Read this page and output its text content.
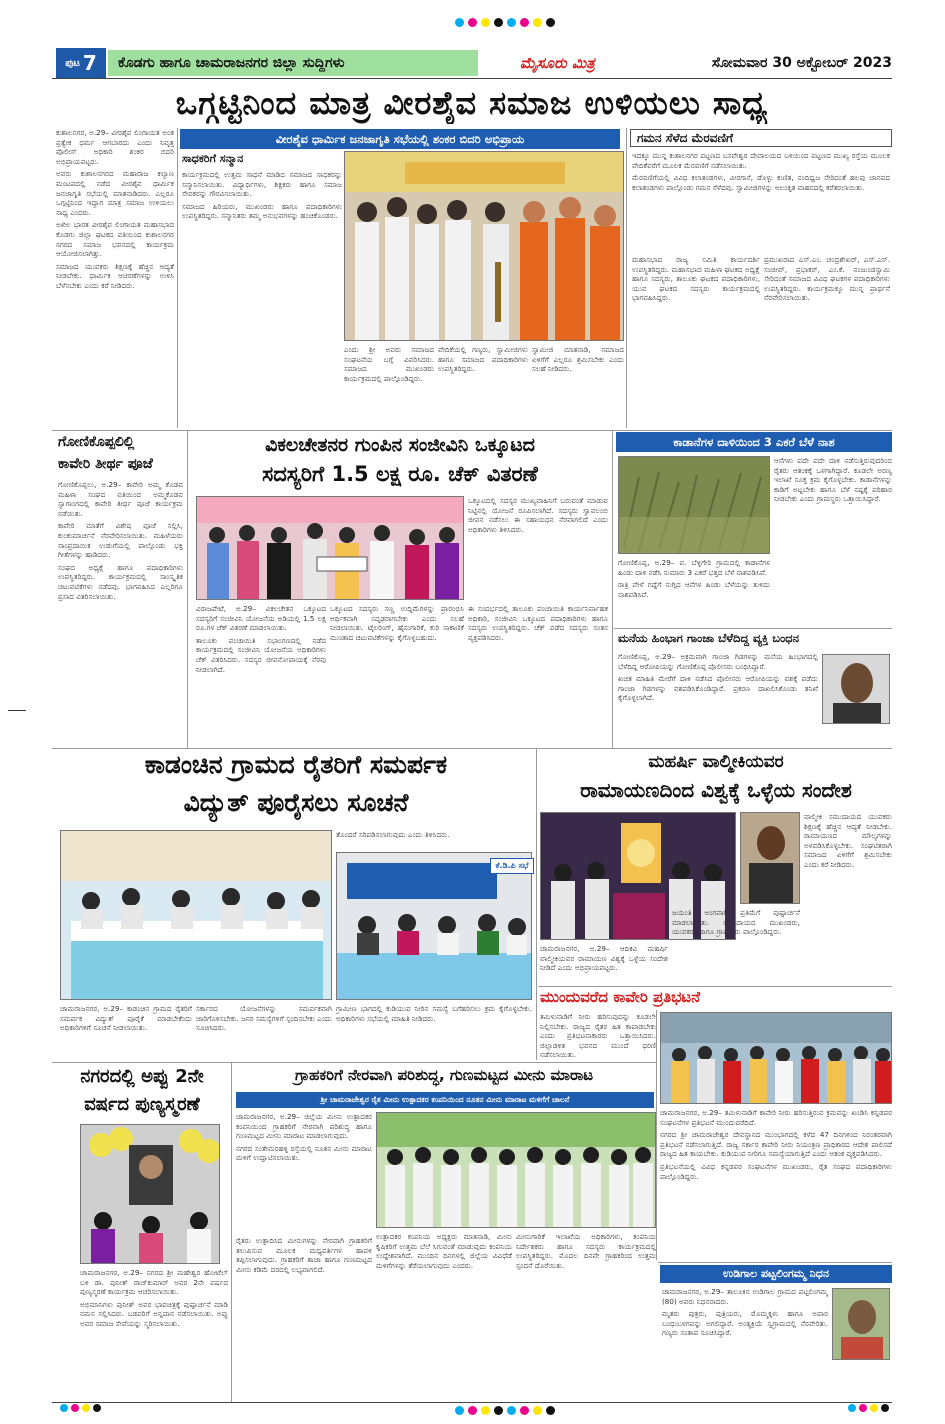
ಪುಟ 7	ಕೊಡಗು ಹಾಗೂ ಚಾಮರಾಜನಗರ ಜಿಲ್ಲಾ ಸುದ್ದಿಗಳು	ಮೈಸೂರು ಮಿತ್ರ	ಸೋಮವಾರ 30 ಅಕ್ಟೋಬರ್ 2023
ಒಗ್ಗಟ್ಟಿನಿಂದ ಮಾತ್ರ ವೀರಶೈವ ಸಮಾಜ ಉಳಿಯಲು ಸಾಧ್ಯ

ಕುಶಾಲನಗರ, ಅ.29– ವೀರಶೈವ ಲಿಂಗಾಯತ ಅಂತ ಪ್ರತ್ಯೇಕ ಧರ್ಮ ಆಗಬಾರದು ಎಂದು ನಿವೃತ್ತ ಪೊಲೀಸ್ ಅಧಿಕಾರಿ ಶಂಕರ ಬಿದರಿ ಅಭಿಪ್ರಾಯಪಟ್ಟರು.

ಅವರು ಕುಶಾಲನಗರದ ಮಹಾರಾಜ ಕಲ್ಯಾಣ ಮಂಟಪದಲ್ಲಿ ನಡೆದ ವೀರಶೈವ ಧಾರ್ಮಿಕ ಜನಜಾಗೃತಿ ಸಭೆಯಲ್ಲಿ ಮಾತನಾಡಿದರು. ಎಲ್ಲರೂ ಒಗ್ಗಟ್ಟಿನಿಂದ ಇದ್ದಾಗ ಮಾತ್ರ ಸಮಾಜ ಉಳಿಯಲು ಸಾಧ್ಯ ಎಂದರು.

ಅಖಿಲ ಭಾರತ ವೀರಶೈವ ಲಿಂಗಾಯತ ಮಹಾಸಭಾದ ಕೊಡಗು ಜಿಲ್ಲಾ ಘಟಕದ ವತಿಯಿಂದ ಕುಶಾಲನಗರ ನಗರದ ಸಮಾಜ ಭವನದಲ್ಲಿ ಕಾರ್ಯಕ್ರಮ ಆಯೋಜಿಸಲಾಗಿತ್ತು.

ಸಮಾಜದ ಯುವಕರು ಶಿಕ್ಷಣಕ್ಕೆ ಹೆಚ್ಚಿನ ಆದ್ಯತೆ ನೀಡಬೇಕು. ಧಾರ್ಮಿಕ ಆಚರಣೆಗಳನ್ನು ಉಳಿಸಿ ಬೆಳೆಸಬೇಕು ಎಂದು ಕರೆ ನೀಡಿದರು.

ವೀರಶೈವ ಧಾರ್ಮಿಕ ಜನಜಾಗೃತಿ ಸಭೆಯಲ್ಲಿ ಶಂಕರ ಬಿದರಿ ಅಭಿಪ್ರಾಯ
ಸಾಧಕರಿಗೆ ಸನ್ಮಾನ

ಕಾರ್ಯಕ್ರಮದಲ್ಲಿ ಉತ್ತಮ ಸಾಧನೆ ಮಾಡಿದ ಸಮಾಜದ ಸಾಧಕರನ್ನು ಸನ್ಮಾನಿಸಲಾಯಿತು. ವಿದ್ಯಾರ್ಥಿಗಳು, ಶಿಕ್ಷಕರು ಹಾಗೂ ಸಮಾಜ ಸೇವಕರನ್ನು ಗೌರವಿಸಲಾಯಿತು.

ಸಮಾಜದ ಹಿರಿಯರು, ಮುಖಂಡರು ಹಾಗೂ ಪದಾಧಿಕಾರಿಗಳು ಉಪಸ್ಥಿತರಿದ್ದರು. ಸನ್ಮಾನಿತರು ತಮ್ಮ ಅನುಭವಗಳನ್ನು ಹಂಚಿಕೊಂಡರು.

ಗಮನ ಸೆಳೆದ ಮೆರವಣಿಗೆ

ಇದಕ್ಕೂ ಮುನ್ನ ಕುಶಾಲನಗರ ಪಟ್ಟಣದ ಬಸವೇಶ್ವರ ದೇವಾಲಯದ ಬಳಿಯಿಂದ ಪಟ್ಟಣದ ಮುಖ್ಯ ರಸ್ತೆಯ ಮೂಲಕ ವೇದಿಕೆವರೆಗೆ ಮೂಲಕ ಮೆರವಣಿಗೆ ನಡೆಸಲಾಯಿತು.

ಮೆರವಣಿಗೆಯಲ್ಲಿ ವಿವಿಧ ಕಲಾತಂಡಗಳು, ವೀರಗಾಸೆ, ಡೊಳ್ಳು ಕುಣಿತ, ನಂದಿಧ್ವಜ ಸೇರಿದಂತೆ ಹಲವು ಜಾನಪದ ಕಲಾತಂಡಗಳು ಪಾಲ್ಗೊಂಡು ಗಮನ ಸೆಳೆದವು. ಸ್ವಾಮೀಜಿಗಳನ್ನು ಅಲಂಕೃತ ವಾಹನದಲ್ಲಿ ಕರೆತರಲಾಯಿತು.

ಎಂದು ಶ್ರೀ ಅವರು ಸಮಾಜದ ಸಂಘಟನೆಯ ಬಗ್ಗೆ ವಿವರಿಸಿದರು. ಸಮಾಜದ ಮುಖಂಡರು ಕಾರ್ಯಕ್ರಮದಲ್ಲಿ ಪಾಲ್ಗೊಂಡಿದ್ದರು.

ವೇದಿಕೆಯಲ್ಲಿ ಗಣ್ಯರು, ಸ್ವಾಮೀಜಿಗಳು ಹಾಗೂ ಸಮಾಜದ ಪದಾಧಿಕಾರಿಗಳು ಉಪಸ್ಥಿತರಿದ್ದರು.

ಸ್ವಾಮೀಜಿ ಮಾತನಾಡಿ, ಸಮಾಜದ ಏಳಿಗೆಗೆ ಎಲ್ಲರೂ ಶ್ರಮಿಸಬೇಕು ಎಂದು ಸಲಹೆ ನೀಡಿದರು.

ಮಹಾಸಭಾದ ರಾಜ್ಯ ಸಮಿತಿ ಕಾರ್ಯದರ್ಶಿ ಉಪಸ್ಥಿತರಿದ್ದರು. ಮಹಾಸಭಾದ ಮಹಿಳಾ ಘಟಕದ ಅಧ್ಯಕ್ಷೆ ಹಾಗೂ ಸದಸ್ಯರು, ತಾಲೂಕು ಘಟಕದ ಪದಾಧಿಕಾರಿಗಳು, ಯುವ ಘಟಕದ ಸದಸ್ಯರು ಕಾರ್ಯಕ್ರಮದಲ್ಲಿ ಭಾಗವಹಿಸಿದ್ದರು.

ಪ್ರಮುಖರಾದ ಎಸ್.ಎಂ. ಚಂದ್ರಶೇಖರ್, ಎಸ್.ಎಸ್. ಸಂಜೀವ್, ಪ್ರಭಾಕರ್, ಎಂ.ಕೆ. ನಂಜುಂಡಸ್ವಾಮಿ ಸೇರಿದಂತೆ ಸಮಾಜದ ವಿವಿಧ ಘಟಕಗಳ ಪದಾಧಿಕಾರಿಗಳು ಉಪಸ್ಥಿತರಿದ್ದರು. ಕಾರ್ಯಕ್ರಮಕ್ಕೂ ಮುನ್ನ ಪ್ರಾರ್ಥನೆ ನೆರವೇರಿಸಲಾಯಿತು.

ಗೋಣಿಕೊಪ್ಪಲಿಲ್ಲಿ
ಕಾವೇರಿ ತೀರ್ಥ ಪೂಜೆ

ಗೋಣಿಕೊಪ್ಪಲು, ಅ.29– ಕಾವೇರಿ ಅಮ್ಮ ಕೊಡವ ಮಹಿಳಾ ಸಂಘದ ವತಿಯಿಂದ ಅಮ್ಮಕೊಡವ ಸ್ವಾಗಾಂಗದಲ್ಲಿ ಕಾವೇರಿ ತೀರ್ಥ ಪೂಜೆ ಕಾರ್ಯಕ್ರಮ ನಡೆಯಿತು.

ಕಾವೇರಿ ಮಾತೆಗೆ ವಿಶೇಷ ಪೂಜೆ ಸಲ್ಲಿಸಿ, ಕುಂಕುಮಾರ್ಚನೆ ನೆರವೇರಿಸಲಾಯಿತು. ಮಹಿಳೆಯರು ಸಾಂಪ್ರದಾಯಿಕ ಉಡುಗೆಯಲ್ಲಿ ಪಾಲ್ಗೊಂಡು ಭಕ್ತಿ ಗೀತೆಗಳನ್ನು ಹಾಡಿದರು.

ಸಂಘದ ಅಧ್ಯಕ್ಷೆ ಹಾಗೂ ಪದಾಧಿಕಾರಿಗಳು ಉಪಸ್ಥಿತರಿದ್ದರು. ಕಾರ್ಯಕ್ರಮದಲ್ಲಿ ಸಾಂಸ್ಕೃತಿಕ ಚಟುವಟಿಕೆಗಳು ನಡೆದವು. ಭಾಗವಹಿಸಿದ ಎಲ್ಲರಿಗೂ ಪ್ರಸಾದ ವಿತರಿಸಲಾಯಿತು.

ವಿಕಲಚೇತನರ ಗುಂಪಿನ ಸಂಜೀವಿನಿ ಒಕ್ಕೂಟದ
ಸದಸ್ಯರಿಗೆ 1.5 ಲಕ್ಷ ರೂ. ಚೆಕ್ ವಿತರಣೆ

ಒಕ್ಕೂಟದಲ್ಲಿ ಸದಸ್ಯರ ಮುಖ್ಯವಾಹಿನಿಗೆ ಬರುವಂತೆ ಮಾಡುವ ನಿಟ್ಟಿನಲ್ಲಿ ಯೋಜನೆ ರೂಪಿಸಲಾಗಿದೆ. ಸದಸ್ಯರು ಸ್ವಾವಲಂಬಿ ಜೀವನ ನಡೆಸಲು ಈ ಸಹಾಯಧನ ನೆರವಾಗಲಿದೆ ಎಂದು ಅಧಿಕಾರಿಗಳು ತಿಳಿಸಿದರು.

ವಿರಾಜಪೇಟೆ, ಅ.29– ವಿಕಲಚೇತನ ಒಕ್ಕೂಟದ ಸದಸ್ಯರಿಗೆ ಸಂಜೀವಿನಿ ಯೋಜನೆಯ ಅಡಿಯಲ್ಲಿ 1.5 ಲಕ್ಷ ರೂ.ಗಳ ಚೆಕ್ ವಿತರಣೆ ಮಾಡಲಾಯಿತು.

ತಾಲೂಕು ಪಂಚಾಯಿತಿ ಸಭಾಂಗಣದಲ್ಲಿ ನಡೆದ ಕಾರ್ಯಕ್ರಮದಲ್ಲಿ ಸಂಜೀವಿನಿ ಯೋಜನೆಯ ಅಧಿಕಾರಿಗಳು ಚೆಕ್ ವಿತರಿಸಿದರು. ಸದಸ್ಯರ ಜೀವನೋಪಾಯಕ್ಕೆ ನೆರವು ನೀಡಲಾಗಿದೆ.

ಒಕ್ಕೂಟದ ಸದಸ್ಯರು ಸಣ್ಣ ಉದ್ದಿಮೆಗಳನ್ನು ಪ್ರಾರಂಭಿಸಿ ಆರ್ಥಿಕವಾಗಿ ಸದೃಢರಾಗಬೇಕು ಎಂದು ಸಲಹೆ ನೀಡಲಾಯಿತು. ಟೈಲರಿಂಗ್, ಹೈನುಗಾರಿಕೆ, ಕುರಿ ಸಾಕಾಣಿಕೆ ಮುಂತಾದ ಚಟುವಟಿಕೆಗಳನ್ನು ಕೈಗೊಳ್ಳಬಹುದು.

ಈ ಸಂದರ್ಭದಲ್ಲಿ ತಾಲೂಕು ಪಂಚಾಯಿತಿ ಕಾರ್ಯನಿರ್ವಾಹಕ ಅಧಿಕಾರಿ, ಸಂಜೀವಿನಿ ಒಕ್ಕೂಟದ ಪದಾಧಿಕಾರಿಗಳು ಹಾಗೂ ಸದಸ್ಯರು ಉಪಸ್ಥಿತರಿದ್ದರು. ಚೆಕ್ ಪಡೆದ ಸದಸ್ಯರು ಸಂತಸ ವ್ಯಕ್ತಪಡಿಸಿದರು.

ಕಾಡಾನೆಗಳ ದಾಳಿಯಿಂದ 3 ಎಕರೆ ಬೆಳೆ ನಾಶ

ಆನೆಗಳು ಪದೇ ಪದೇ ದಾಳಿ ನಡೆಸುತ್ತಿರುವುದರಿಂದ ರೈತರು ಆತಂಕಕ್ಕೆ ಒಳಗಾಗಿದ್ದಾರೆ. ಕೂಡಲೇ ಅರಣ್ಯ ಇಲಾಖೆ ಸೂಕ್ತ ಕ್ರಮ ಕೈಗೊಳ್ಳಬೇಕು. ಕಾಡಾನೆಗಳನ್ನು ಕಾಡಿಗೆ ಅಟ್ಟಬೇಕು ಹಾಗೂ ಬೆಳೆ ನಷ್ಟಕ್ಕೆ ಪರಿಹಾರ ನೀಡಬೇಕು ಎಂದು ಗ್ರಾಮಸ್ಥರು ಒತ್ತಾಯಿಸಿದ್ದಾರೆ.

ಗೋಣಿಕೊಪ್ಪ, ಅ.29– ಪ. ಬೆಳ್ಳಿಗೇರಿ ಗ್ರಾಮದಲ್ಲಿ ಕಾಡಾನೆಗಳ ಹಿಂಡು ದಾಳಿ ನಡೆಸಿ ಸುಮಾರು 3 ಎಕರೆ ಭತ್ತದ ಬೆಳೆ ನಾಶಪಡಿಸಿವೆ.

ರಾತ್ರಿ ವೇಳೆ ಗದ್ದೆಗೆ ನುಗ್ಗಿದ ಆನೆಗಳ ಹಿಂಡು ಬೆಳೆಯನ್ನು ತುಳಿದು ನಾಶಪಡಿಸಿವೆ.

ಮನೆಯ ಹಿಂಭಾಗ ಗಾಂಜಾ ಬೆಳೆದಿದ್ದ ವ್ಯಕ್ತಿ ಬಂಧನ

ಗೋಣಿಕೊಪ್ಪ, ಅ.29– ಅಕ್ರಮವಾಗಿ ಗಾಂಜಾ ಗಿಡಗಳನ್ನು ಮನೆಯ ಹಿಂಭಾಗದಲ್ಲಿ ಬೆಳೆದಿದ್ದ ಆರೋಪಿಯನ್ನು ಗೋಣಿಕೊಪ್ಪ ಪೊಲೀಸರು ಬಂಧಿಸಿದ್ದಾರೆ.

ಖಚಿತ ಮಾಹಿತಿ ಮೇರೆಗೆ ದಾಳಿ ನಡೆಸಿದ ಪೊಲೀಸರು ಆರೋಪಿಯನ್ನು ವಶಕ್ಕೆ ಪಡೆದು ಗಾಂಜಾ ಗಿಡಗಳನ್ನು ವಶಪಡಿಸಿಕೊಂಡಿದ್ದಾರೆ. ಪ್ರಕರಣ ದಾಖಲಿಸಿಕೊಂಡು ತನಿಖೆ ಕೈಗೊಳ್ಳಲಾಗಿದೆ.

ಕಾಡಂಚಿನ ಗ್ರಾಮದ ರೈತರಿಗೆ ಸಮರ್ಪಕ
ವಿದ್ಯುತ್ ಪೂರೈಸಲು ಸೂಚನೆ
ಕೆ.ಡಿ.ಪಿ ಸಭೆ

ತೊಂದರೆ ಸರಿಪಡಿಸಲಾಗುವುದು ಎಂದು ತಿಳಿಸಿದರು.

ಚಾಮರಾಜನಗರ, ಅ.29– ಕಾಡಂಚಿನ ಗ್ರಾಮದ ರೈತರಿಗೆ ಸಮರ್ಪಕ ವಿದ್ಯುತ್ ಪೂರೈಕೆ ಮಾಡಬೇಕೆಂದು ಅಧಿಕಾರಿಗಳಿಗೆ ಸೂಚನೆ ನೀಡಲಾಯಿತು.

ಸರ್ಕಾರದ ಯೋಜನೆಗಳನ್ನು ಸಮರ್ಪಕವಾಗಿ ಜಾರಿಗೊಳಿಸಬೇಕು. ಜನರ ಸಮಸ್ಯೆಗಳಿಗೆ ಸ್ಪಂದಿಸಬೇಕು ಎಂದು ಸೂಚಿಸಿದರು.

ಗ್ರಾಮೀಣ ಭಾಗದಲ್ಲಿ ಕುಡಿಯುವ ನೀರಿನ ಸಮಸ್ಯೆ ಬಗೆಹರಿಸಲು ಕ್ರಮ ಕೈಗೊಳ್ಳಬೇಕು. ಅಧಿಕಾರಿಗಳು ಸಭೆಯಲ್ಲಿ ಮಾಹಿತಿ ನೀಡಿದರು.

ಮಹರ್ಷಿ ವಾಲ್ಮೀಕಿಯವರ
ರಾಮಾಯಣದಿಂದ ವಿಶ್ವಕ್ಕೆ ಒಳ್ಳೆಯ ಸಂದೇಶ

ವಾಲ್ಮೀಕಿ ಸಮುದಾಯದ ಯುವಕರು ಶಿಕ್ಷಣಕ್ಕೆ ಹೆಚ್ಚಿನ ಆದ್ಯತೆ ನೀಡಬೇಕು. ರಾಮಾಯಣದ ಮೌಲ್ಯಗಳನ್ನು ಅಳವಡಿಸಿಕೊಳ್ಳಬೇಕು. ಸಂಘಟಿತರಾಗಿ ಸಮಾಜದ ಏಳಿಗೆಗೆ ಶ್ರಮಿಸಬೇಕು ಎಂದು ಕರೆ ನೀಡಿದರು.

ಚಾಮರಾಜನಗರ, ಅ.29– ಆದಿಕವಿ ಮಹರ್ಷಿ ವಾಲ್ಮೀಕಿಯವರ ರಾಮಾಯಣ ವಿಶ್ವಕ್ಕೆ ಒಳ್ಳೆಯ ಸಂದೇಶ ನೀಡಿದೆ ಎಂದು ಅಭಿಪ್ರಾಯಪಟ್ಟರು.

ಜಯಂತಿ ಅಂಗವಾಗಿ ಪ್ರತಿಮೆಗೆ ಪುಷ್ಪಾರ್ಚನೆ ಮಾಡಲಾಯಿತು. ಸಮುದಾಯದ ಮುಖಂಡರು, ಯುವಕರು ಹಾಗೂ ಗ್ರಾಮಸ್ಥರು ಪಾಲ್ಗೊಂಡಿದ್ದರು.

ಮುಂದುವರೆದ ಕಾವೇರಿ ಪ್ರತಿಭಟನೆ

ತಮಿಳುನಾಡಿಗೆ ನೀರು ಹರಿಸುವುದನ್ನು ಕೂಡಲೇ ನಿಲ್ಲಿಸಬೇಕು. ರಾಜ್ಯದ ರೈತರ ಹಿತ ಕಾಪಾಡಬೇಕು ಎಂದು ಪ್ರತಿಭಟನಾಕಾರರು ಒತ್ತಾಯಿಸಿದರು. ಜಿಲ್ಲಾಡಳಿತ ಭವನದ ಮುಂದೆ ಧರಣಿ ನಡೆಸಲಾಯಿತು.

ಚಾಮರಾಜನಗರ, ಅ.29– ತಮಿಳುನಾಡಿಗೆ ಕಾವೇರಿ ನೀರು ಹರಿಸುತ್ತಿರುವ ಕ್ರಮವನ್ನು ಖಂಡಿಸಿ ಕನ್ನಡಪರ ಸಂಘಟನೆಗಳ ಪ್ರತಿಭಟನೆ ಮುಂದುವರೆದಿದೆ.

ನಗರದ ಶ್ರೀ ಚಾಮರಾಜೇಶ್ವರ ದೇವಸ್ಥಾನದ ಮುಂಭಾಗದಲ್ಲಿ ಕಳೆದ 47 ದಿನಗಳಿಂದ ನಿರಂತರವಾಗಿ ಪ್ರತಿಭಟನೆ ನಡೆಸಲಾಗುತ್ತಿದೆ. ರಾಜ್ಯ ಸರ್ಕಾರ ಕಾವೇರಿ ನೀರು ನಿಯಂತ್ರಣ ಪ್ರಾಧಿಕಾರದ ಆದೇಶ ಪಾಲಿಸದೆ ರಾಜ್ಯದ ಹಿತ ಕಾಯಬೇಕು. ಕುಡಿಯುವ ನೀರಿಗೂ ಸಮಸ್ಯೆಯಾಗುತ್ತಿದೆ ಎಂದು ಆತಂಕ ವ್ಯಕ್ತಪಡಿಸಿದರು.

ಪ್ರತಿಭಟನೆಯಲ್ಲಿ ವಿವಿಧ ಕನ್ನಡಪರ ಸಂಘಟನೆಗಳ ಮುಖಂಡರು, ರೈತ ಸಂಘದ ಪದಾಧಿಕಾರಿಗಳು ಪಾಲ್ಗೊಂಡಿದ್ದರು.

ನಗರದಲ್ಲಿ ಅಪ್ಪು 2ನೇ
ವರ್ಷದ ಪುಣ್ಯಸ್ಮರಣೆ

ಚಾಮರಾಜನಗರ, ಅ.29– ನಗರದ ಶ್ರೀ ಮಹೇಶ್ವರ ಹೋಟೆಲ್ ಬಳಿ ಡಾ. ಪುನೀತ್ ರಾಜ್‌ಕುಮಾರ್ ಅವರ 2ನೇ ವರ್ಷದ ಪುಣ್ಯಸ್ಮರಣೆ ಕಾರ್ಯಕ್ರಮ ಆಚರಿಸಲಾಯಿತು.

ಅಭಿಮಾನಿಗಳು ಪುನೀತ್ ಅವರ ಭಾವಚಿತ್ರಕ್ಕೆ ಪುಷ್ಪಾರ್ಚನೆ ಮಾಡಿ ನಮನ ಸಲ್ಲಿಸಿದರು. ಬಡವರಿಗೆ ಅನ್ನದಾನ ನಡೆಸಲಾಯಿತು. ಅಪ್ಪು ಅವರ ಸಮಾಜ ಸೇವೆಯನ್ನು ಸ್ಮರಿಸಲಾಯಿತು.

ಗ್ರಾಹಕರಿಗೆ ನೇರವಾಗಿ ಪರಿಶುದ್ಧ, ಗುಣಮಟ್ಟದ ಮೀನು ಮಾರಾಟ
ಶ್ರೀ ಚಾಮರಾಜೇಶ್ವರ ರೈತ ಮೀನು ಉತ್ಪಾದಕರ ಕಂಪನಿಯಿಂದ ನೂತನ ಮೀನು ಮಾರಾಟ ಮಳಿಗೆಗೆ ಚಾಲನೆ

ಚಾಮರಾಜನಗರ, ಅ.29– ಜಿಲ್ಲೆಯ ಮೀನು ಉತ್ಪಾದಕರ ಕಂಪನಿಯಿಂದ ಗ್ರಾಹಕರಿಗೆ ನೇರವಾಗಿ ಪರಿಶುದ್ಧ ಹಾಗೂ ಗುಣಮಟ್ಟದ ಮೀನು ಮಾರಾಟ ಮಾಡಲಾಗುವುದು.

ನಗರದ ಸಂತೇಮರಹಳ್ಳಿ ರಸ್ತೆಯಲ್ಲಿ ನೂತನ ಮೀನು ಮಾರಾಟ ಮಳಿಗೆ ಉದ್ಘಾಟಿಸಲಾಯಿತು.

ರೈತರು ಉತ್ಪಾದಿಸಿದ ಮೀನುಗಳನ್ನು ನೇರವಾಗಿ ಗ್ರಾಹಕರಿಗೆ ತಲುಪಿಸುವ ಮೂಲಕ ಮಧ್ಯವರ್ತಿಗಳ ಹಾವಳಿ ತಪ್ಪಿಸಲಾಗುವುದು. ಗ್ರಾಹಕರಿಗೆ ತಾಜಾ ಹಾಗೂ ಗುಣಮಟ್ಟದ ಮೀನು ಕಡಿಮೆ ದರದಲ್ಲಿ ಲಭ್ಯವಾಗಲಿದೆ.

ಉತ್ಪಾದಕರ ಕಂಪನಿಯ ಅಧ್ಯಕ್ಷರು ಮಾತನಾಡಿ, ಮೀನು ಕೃಷಿಕರಿಗೆ ಉತ್ತಮ ಬೆಲೆ ಸಿಗುವಂತೆ ಮಾಡುವುದು ಕಂಪನಿಯ ಉದ್ದೇಶವಾಗಿದೆ. ಮುಂದಿನ ದಿನಗಳಲ್ಲಿ ಜಿಲ್ಲೆಯ ವಿವಿಧೆಡೆ ಮಳಿಗೆಗಳನ್ನು ತೆರೆಯಲಾಗುವುದು ಎಂದರು.

ಮೀನುಗಾರಿಕೆ ಇಲಾಖೆಯ ಅಧಿಕಾರಿಗಳು, ಕಂಪನಿಯ ನಿರ್ದೇಶಕರು ಹಾಗೂ ಸದಸ್ಯರು ಕಾರ್ಯಕ್ರಮದಲ್ಲಿ ಉಪಸ್ಥಿತರಿದ್ದರು. ಮೊದಲ ದಿನವೇ ಗ್ರಾಹಕರಿಂದ ಉತ್ತಮ ಸ್ಪಂದನೆ ದೊರೆಯಿತು.

ಉಡಿಗಾಲ ಪಟ್ಟಲಿಂಗಮ್ಮ ನಿಧನ

ಚಾಮರಾಜನಗರ, ಅ.29– ತಾಲೂಕಿನ ಉಡಿಗಾಲ ಗ್ರಾಮದ ಪಟ್ಟಲಿಂಗಮ್ಮ (80) ಅವರು ನಿಧನರಾದರು.

ಮೃತರು ಪುತ್ರರು, ಪುತ್ರಿಯರು, ಮೊಮ್ಮಕ್ಕಳು ಹಾಗೂ ಅಪಾರ ಬಂಧುಬಳಗವನ್ನು ಅಗಲಿದ್ದಾರೆ. ಅಂತ್ಯಕ್ರಿಯೆ ಸ್ವಗ್ರಾಮದಲ್ಲಿ ನೆರವೇರಿತು. ಗಣ್ಯರು ಸಂತಾಪ ಸೂಚಿಸಿದ್ದಾರೆ.
